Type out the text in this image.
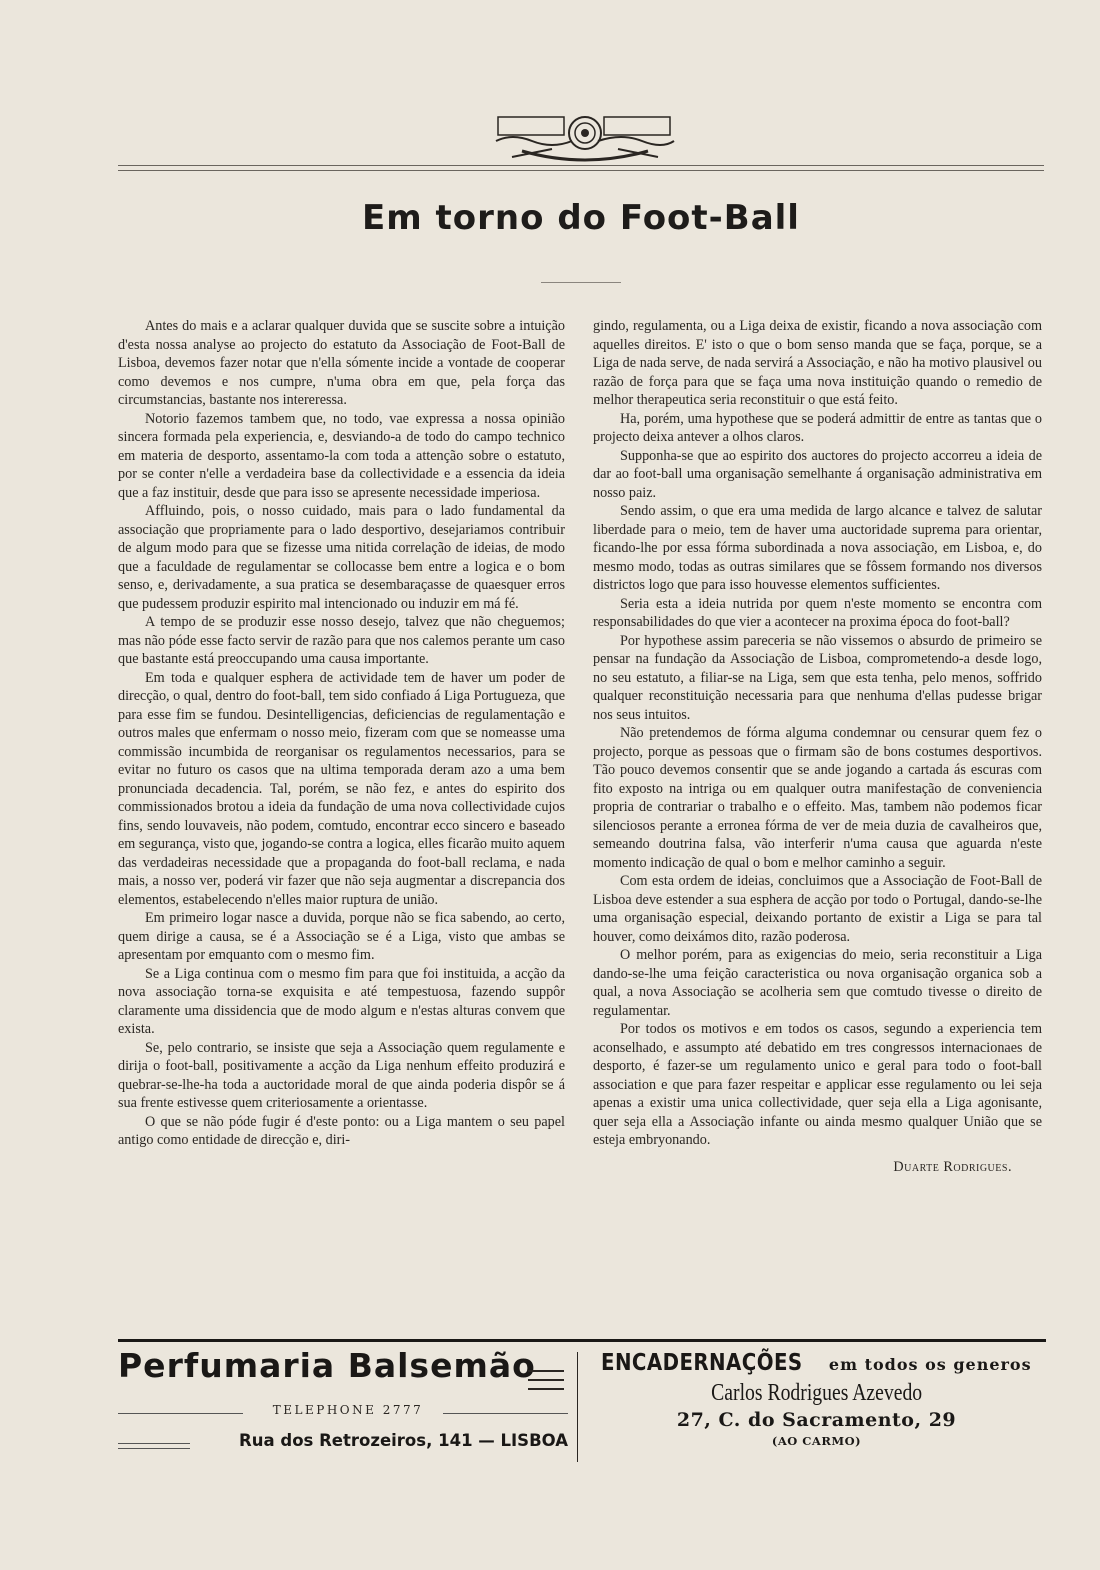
Em torno do Foot-Ball

Antes do mais e a aclarar qualquer duvida que se suscite sobre a intuição d'esta nossa analyse ao projecto do estatuto da Associação de Foot-Ball de Lisboa, devemos fazer notar que n'ella sómente incide a vontade de cooperar como devemos e nos cumpre, n'uma obra em que, pela força das circumstancias, bastante nos intereressa.

Notorio fazemos tambem que, no todo, vae expressa a nossa opinião sincera formada pela experiencia, e, desviando-a de todo do campo technico em materia de desporto, assentamo-la com toda a attenção sobre o estatuto, por se conter n'elle a verdadeira base da collectividade e a essencia da ideia que a faz instituir, desde que para isso se apresente necessidade imperiosa.

Affluindo, pois, o nosso cuidado, mais para o lado fundamental da associação que propriamente para o lado desportivo, desejariamos contribuir de algum modo para que se fizesse uma nitida correlação de ideias, de modo que a faculdade de regulamentar se collocasse bem entre a logica e o bom senso, e, derivadamente, a sua pratica se desembaraçasse de quaesquer erros que pudessem produzir espirito mal intencionado ou induzir em má fé.

A tempo de se produzir esse nosso desejo, talvez que não cheguemos; mas não póde esse facto servir de razão para que nos calemos perante um caso que bastante está preoccupando uma causa importante.

Em toda e qualquer esphera de actividade tem de haver um poder de direcção, o qual, dentro do foot-ball, tem sido confiado á Liga Portugueza, que para esse fim se fundou. Desintelligencias, deficiencias de regulamentação e outros males que enfermam o nosso meio, fizeram com que se nomeasse uma commissão incumbida de reorganisar os regulamentos necessarios, para se evitar no futuro os casos que na ultima temporada deram azo a uma bem pronunciada decadencia. Tal, porém, se não fez, e antes do espirito dos commissionados brotou a ideia da fundação de uma nova collectividade cujos fins, sendo louvaveis, não podem, comtudo, encontrar ecco sincero e baseado em segurança, visto que, jogando-se contra a logica, elles ficarão muito aquem das verdadeiras necessidade que a propaganda do foot-ball reclama, e nada mais, a nosso ver, poderá vir fazer que não seja augmentar a discrepancia dos elementos, estabelecendo n'elles maior ruptura de união.

Em primeiro logar nasce a duvida, porque não se fica sabendo, ao certo, quem dirige a causa, se é a Associação se é a Liga, visto que ambas se apresentam por emquanto com o mesmo fim.

Se a Liga continua com o mesmo fim para que foi instituida, a acção da nova associação torna-se exquisita e até tempestuosa, fazendo suppôr claramente uma dissidencia que de modo algum e n'estas alturas convem que exista.

Se, pelo contrario, se insiste que seja a Associação quem regulamente e dirija o foot-ball, positivamente a acção da Liga nenhum effeito produzirá e quebrar-se-lhe-ha toda a auctoridade moral de que ainda poderia dispôr se á sua frente estivesse quem criteriosamente a orientasse.

O que se não póde fugir é d'este ponto: ou a Liga mantem o seu papel antigo como entidade de direcção e, diri-

gindo, regulamenta, ou a Liga deixa de existir, ficando a nova associação com aquelles direitos. E' isto o que o bom senso manda que se faça, porque, se a Liga de nada serve, de nada servirá a Associação, e não ha motivo plausivel ou razão de força para que se faça uma nova instituição quando o remedio de melhor therapeutica seria reconstituir o que está feito.

Ha, porém, uma hypothese que se poderá admittir de entre as tantas que o projecto deixa antever a olhos claros.

Supponha-se que ao espirito dos auctores do projecto accorreu a ideia de dar ao foot-ball uma organisação semelhante á organisação administrativa em nosso paiz.

Sendo assim, o que era uma medida de largo alcance e talvez de salutar liberdade para o meio, tem de haver uma auctoridade suprema para orientar, ficando-lhe por essa fórma subordinada a nova associação, em Lisboa, e, do mesmo modo, todas as outras similares que se fôssem formando nos diversos districtos logo que para isso houvesse elementos sufficientes.

Seria esta a ideia nutrida por quem n'este momento se encontra com responsabilidades do que vier a acontecer na proxima época do foot-ball?

Por hypothese assim pareceria se não vissemos o absurdo de primeiro se pensar na fundação da Associação de Lisboa, comprometendo-a desde logo, no seu estatuto, a filiar-se na Liga, sem que esta tenha, pelo menos, soffrido qualquer reconstituição necessaria para que nenhuma d'ellas pudesse brigar nos seus intuitos.

Não pretendemos de fórma alguma condemnar ou censurar quem fez o projecto, porque as pessoas que o firmam são de bons costumes desportivos. Tão pouco devemos consentir que se ande jogando a cartada ás escuras com fito exposto na intriga ou em qualquer outra manifestação de conveniencia propria de contrariar o trabalho e o effeito. Mas, tambem não podemos ficar silenciosos perante a erronea fórma de ver de meia duzia de cavalheiros que, semeando doutrina falsa, vão interferir n'uma causa que aguarda n'este momento indicação de qual o bom e melhor caminho a seguir.

Com esta ordem de ideias, concluimos que a Associação de Foot-Ball de Lisboa deve estender a sua esphera de acção por todo o Portugal, dando-se-lhe uma organisação especial, deixando portanto de existir a Liga se para tal houver, como deixámos dito, razão poderosa.

O melhor porém, para as exigencias do meio, seria reconstituir a Liga dando-se-lhe uma feição caracteristica ou nova organisação organica sob a qual, a nova Associação se acolheria sem que comtudo tivesse o direito de regulamentar.

Por todos os motivos e em todos os casos, segundo a experiencia tem aconselhado, e assumpto até debatido em tres congressos internacionaes de desporto, é fazer-se um regulamento unico e geral para todo o foot-ball association e que para fazer respeitar e applicar esse regulamento ou lei seja apenas a existir uma unica collectividade, quer seja ella a Liga agonisante, quer seja ella a Associação infante ou ainda mesmo qualquer União que se esteja embryonando.

Duarte Rodrigues.

Perfumaria Balsemão
TELEPHONE 2777
Rua dos Retrozeiros, 141 — LISBOA
ENCADERNAÇÕES em todos os generos
Carlos Rodrigues Azevedo
27, C. do Sacramento, 29
(AO CARMO)
